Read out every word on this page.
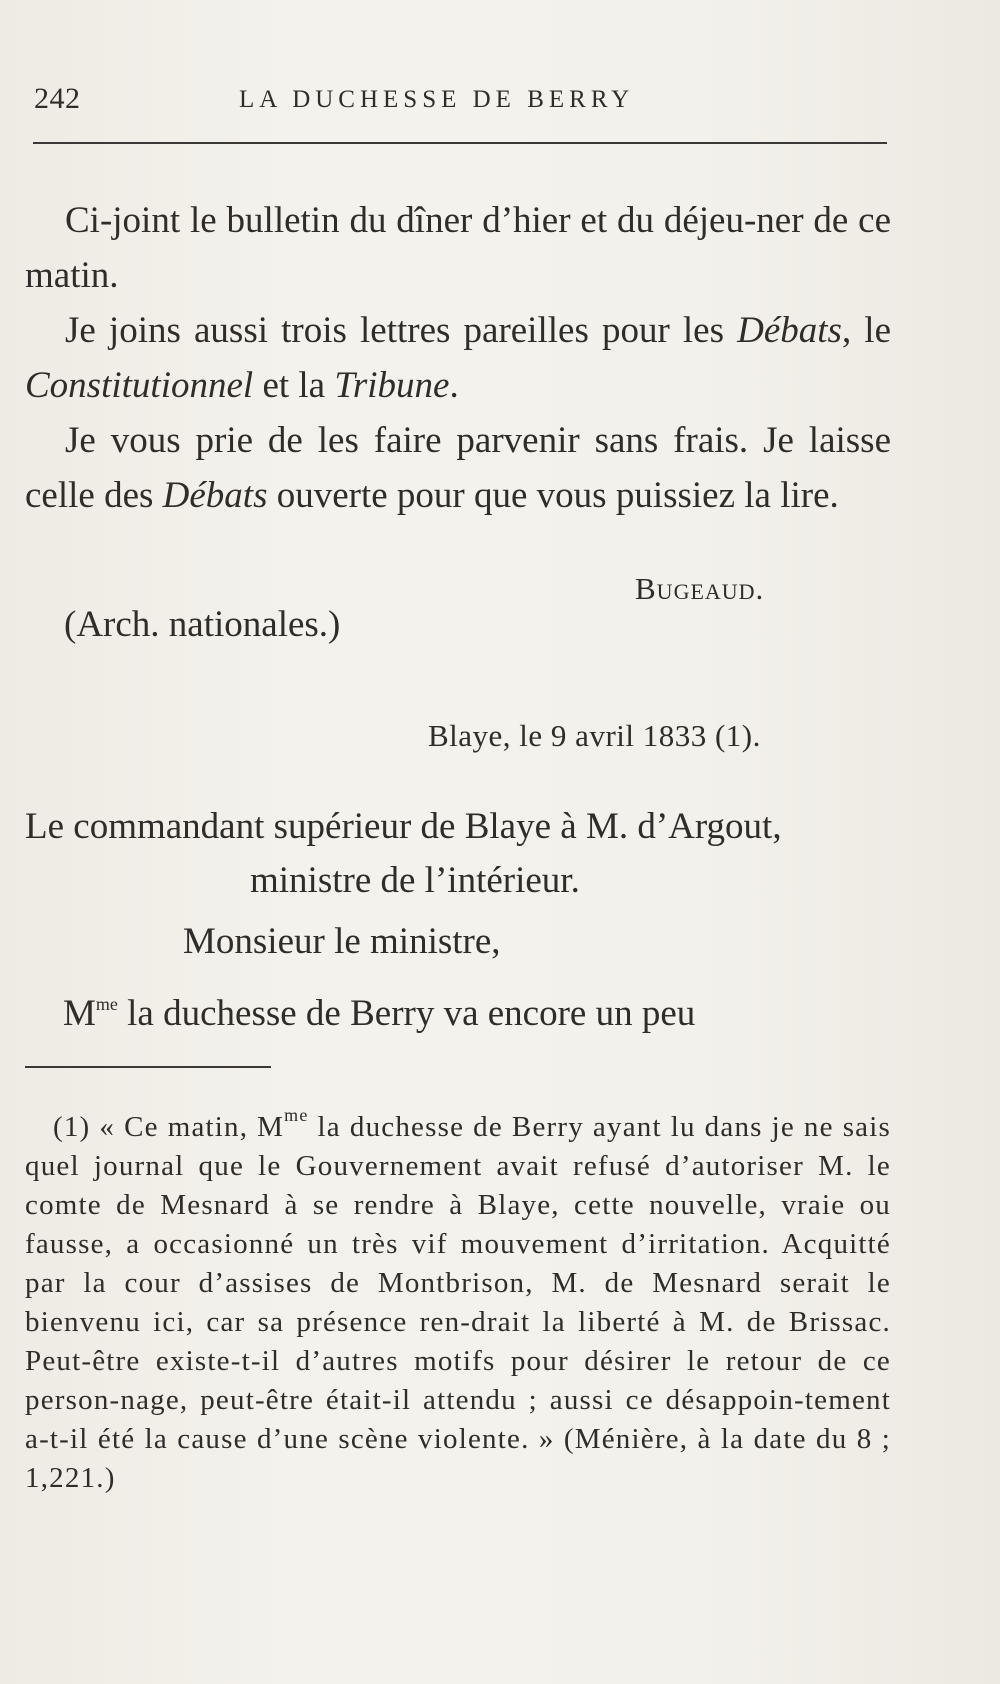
242	LA DUCHESSE DE BERRY

Ci-joint le bulletin du dîner d’hier et du déjeu-ner de ce matin.

Je joins aussi trois lettres pareilles pour les Débats, le Constitutionnel et la Tribune.

Je vous prie de les faire parvenir sans frais. Je laisse celle des Débats ouverte pour que vous puissiez la lire.

Bugeaud.
(Arch. nationales.)
Blaye, le 9 avril 1833 (1).
Le commandant supérieur de Blaye à M. d’Argout,
ministre de l’intérieur.
Monsieur le ministre,
$M^{me}$ la duchesse de Berry va encore un peu

(1) « Ce matin, $M^{me}$ la duchesse de Berry ayant lu dans je ne sais quel journal que le Gouvernement avait refusé d’autoriser M. le comte de Mesnard à se rendre à Blaye, cette nouvelle, vraie ou fausse, a occasionné un très vif mouvement d’irritation. Acquitté par la cour d’assises de Montbrison, M. de Mesnard serait le bienvenu ici, car sa présence ren-drait la liberté à M. de Brissac. Peut-être existe-t-il d’autres motifs pour désirer le retour de ce person-nage, peut-être était-il attendu ; aussi ce désappoin-tement a-t-il été la cause d’une scène violente. » (Ménière, à la date du 8 ; 1,221.)
